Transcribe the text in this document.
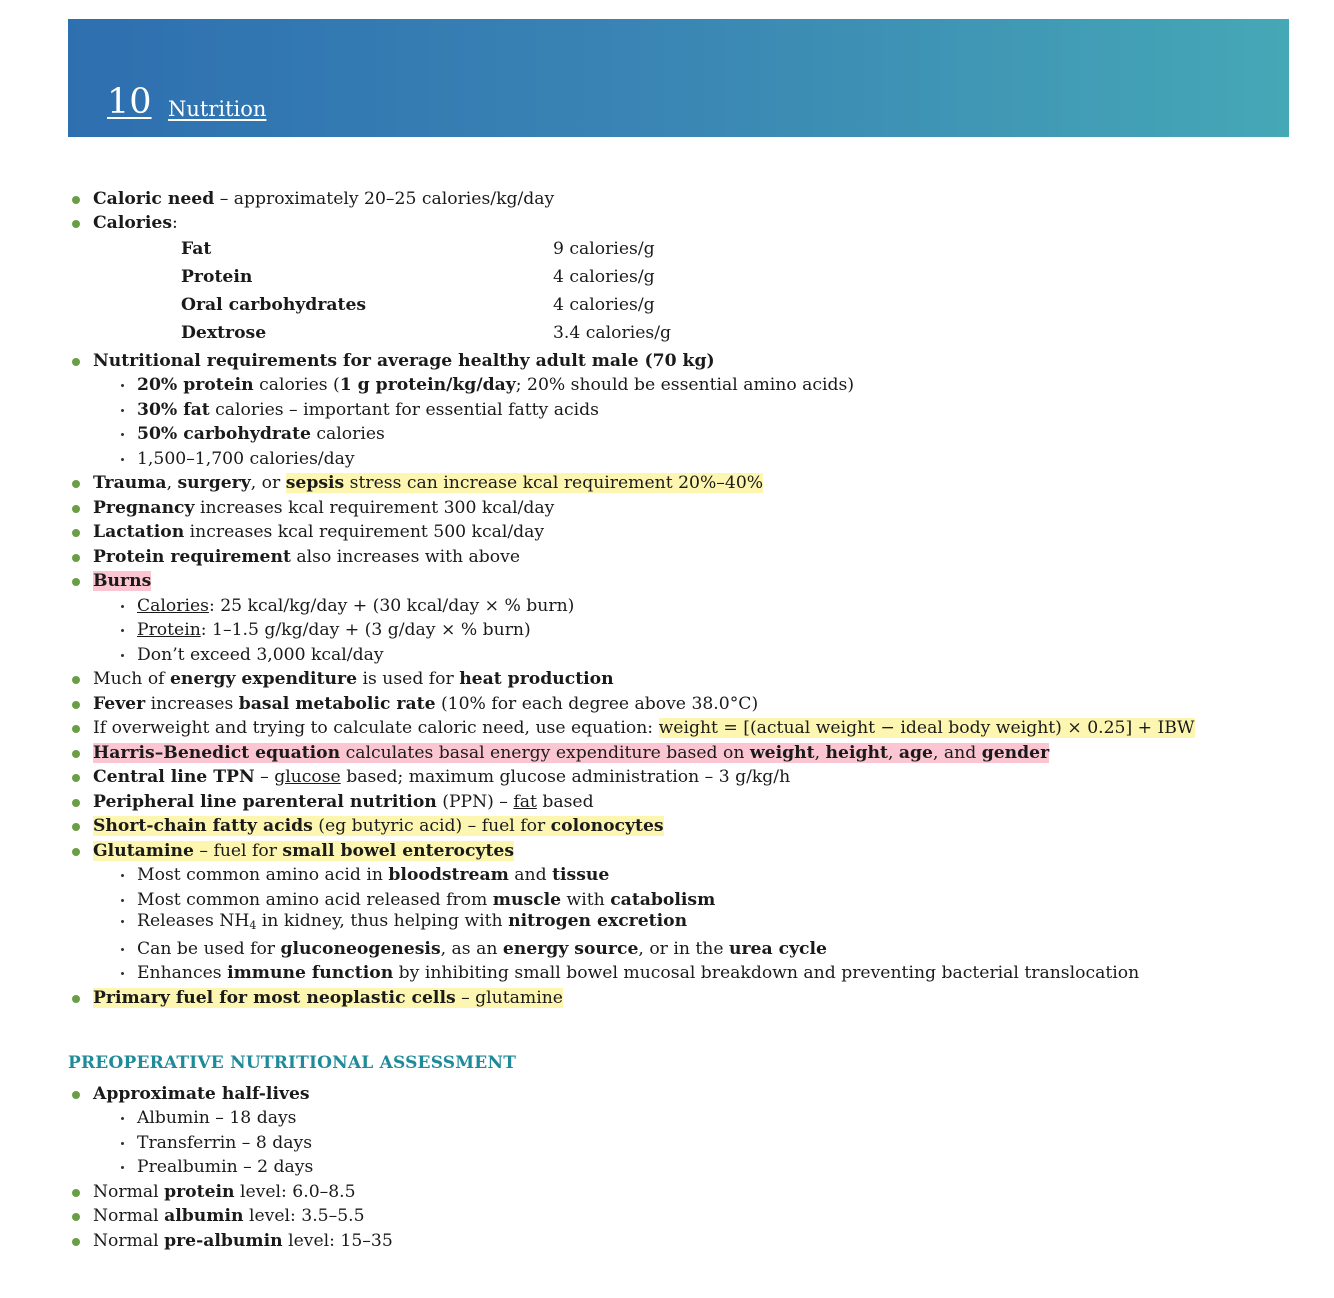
10 Nutrition
Caloric need – approximately 20–25 calories/kg/day
Calories:
Fat	9 calories/g
Protein	4 calories/g
Oral carbohydrates	4 calories/g
Dextrose	3.4 calories/g
Nutritional requirements for average healthy adult male (70 kg)
20% protein calories (1 g protein/kg/day; 20% should be essential amino acids)
30% fat calories – important for essential fatty acids
50% carbohydrate calories
1,500–1,700 calories/day
Trauma, surgery, or sepsis stress can increase kcal requirement 20%–40%
Pregnancy increases kcal requirement 300 kcal/day
Lactation increases kcal requirement 500 kcal/day
Protein requirement also increases with above
Burns
Calories: 25 kcal/kg/day + (30 kcal/day × % burn)
Protein: 1–1.5 g/kg/day + (3 g/day × % burn)
Don’t exceed 3,000 kcal/day
Much of energy expenditure is used for heat production
Fever increases basal metabolic rate (10% for each degree above 38.0°C)
If overweight and trying to calculate caloric need, use equation: weight = [(actual weight − ideal body weight) × 0.25] + IBW
Harris–Benedict equation calculates basal energy expenditure based on weight, height, age, and gender
Central line TPN – glucose based; maximum glucose administration – 3 g/kg/h
Peripheral line parenteral nutrition (PPN) – fat based
Short-chain fatty acids (eg butyric acid) – fuel for colonocytes
Glutamine – fuel for small bowel enterocytes
Most common amino acid in bloodstream and tissue
Most common amino acid released from muscle with catabolism
Releases $NH_4$ in kidney, thus helping with nitrogen excretion
Can be used for gluconeogenesis, as an energy source, or in the urea cycle
Enhances immune function by inhibiting small bowel mucosal breakdown and preventing bacterial translocation
Primary fuel for most neoplastic cells – glutamine
PREOPERATIVE NUTRITIONAL ASSESSMENT
Approximate half-lives
Albumin – 18 days
Transferrin – 8 days
Prealbumin – 2 days
Normal protein level: 6.0–8.5
Normal albumin level: 3.5–5.5
Normal pre-albumin level: 15–35
